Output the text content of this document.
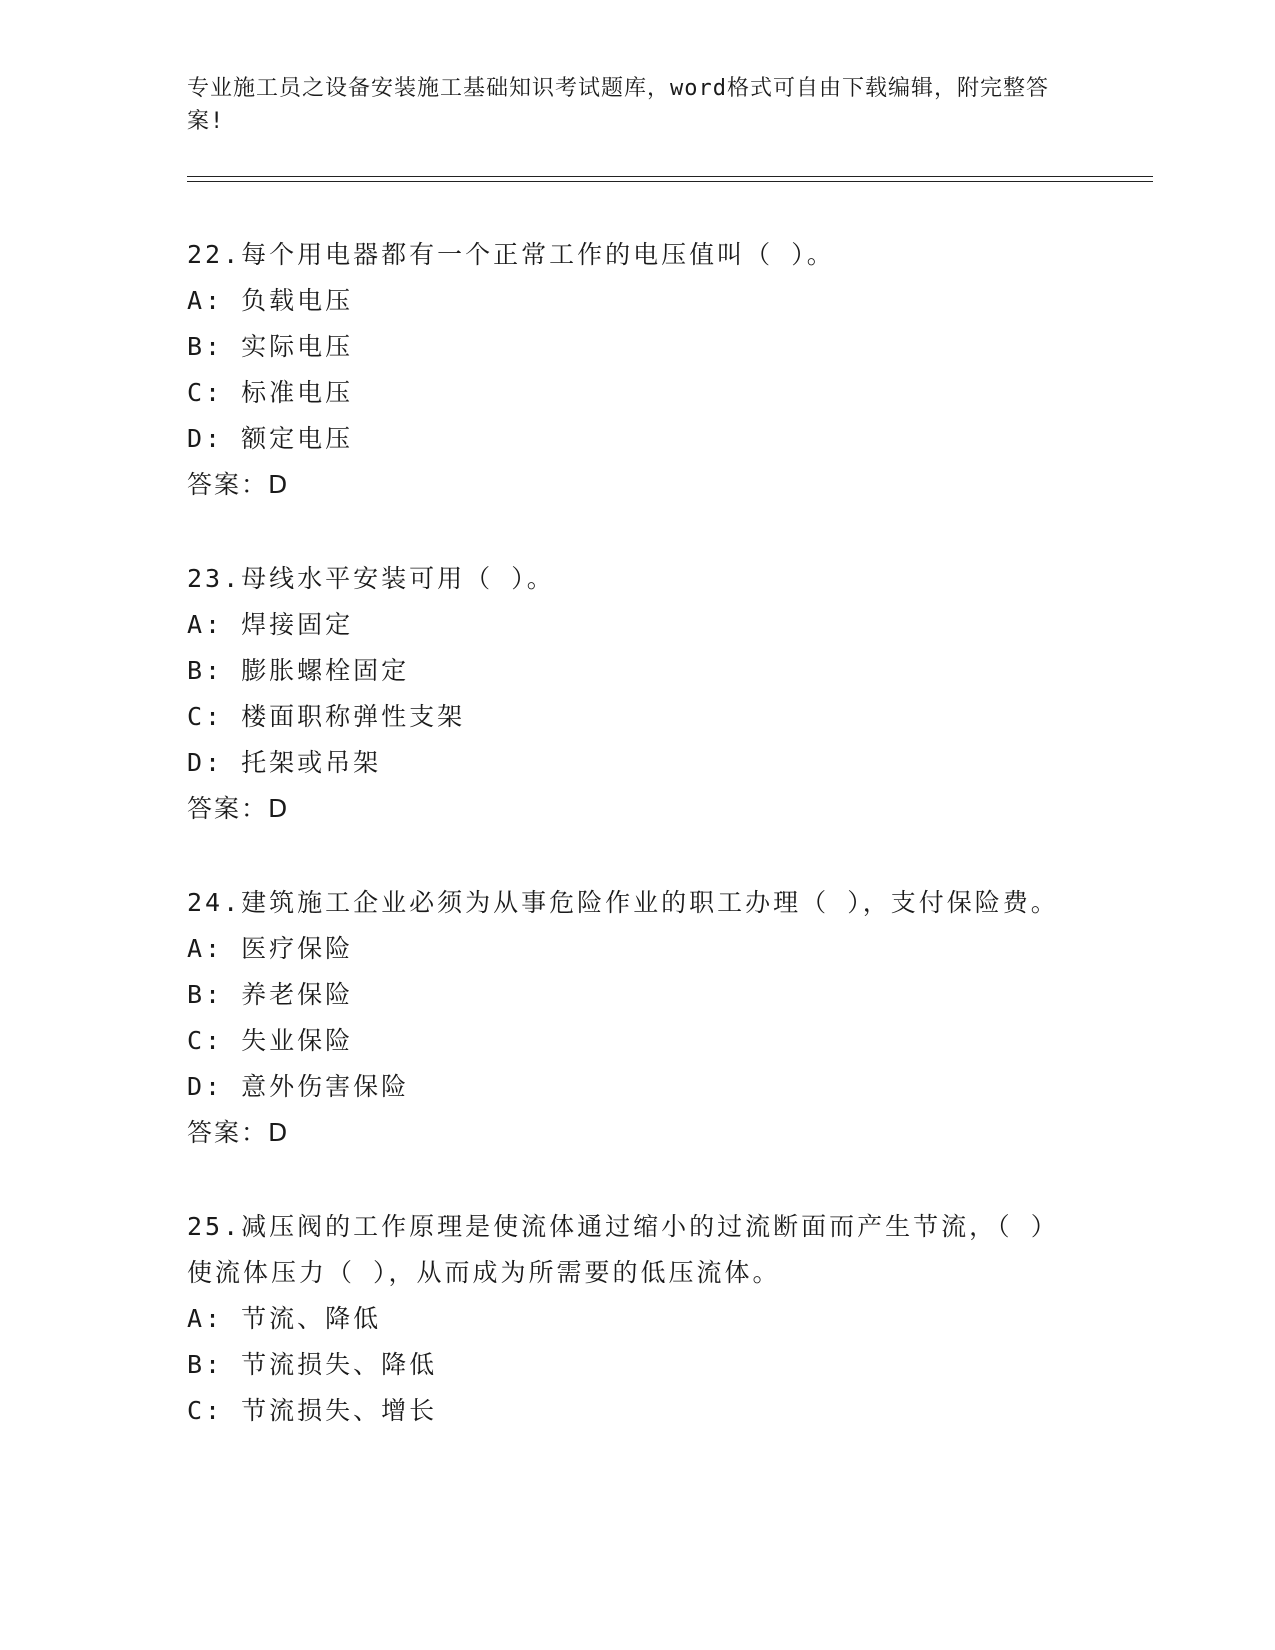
专业施工员之设备安装施工基础知识考试题库，word格式可自由下载编辑，附完整答案!

22.每个用电器都有一个正常工作的电压值叫（ ）。

A: 负载电压

B: 实际电压

C: 标准电压

D: 额定电压

答案：D

23.母线水平安装可用（ ）。

A: 焊接固定

B: 膨胀螺栓固定

C: 楼面职称弹性支架

D: 托架或吊架

答案：D

24.建筑施工企业必须为从事危险作业的职工办理（ ），支付保险费。

A: 医疗保险

B: 养老保险

C: 失业保险

D: 意外伤害保险

答案：D

25.减压阀的工作原理是使流体通过缩小的过流断面而产生节流，（ ）使流体压力（ ），从而成为所需要的低压流体。

A: 节流、降低

B: 节流损失、降低

C: 节流损失、增长
